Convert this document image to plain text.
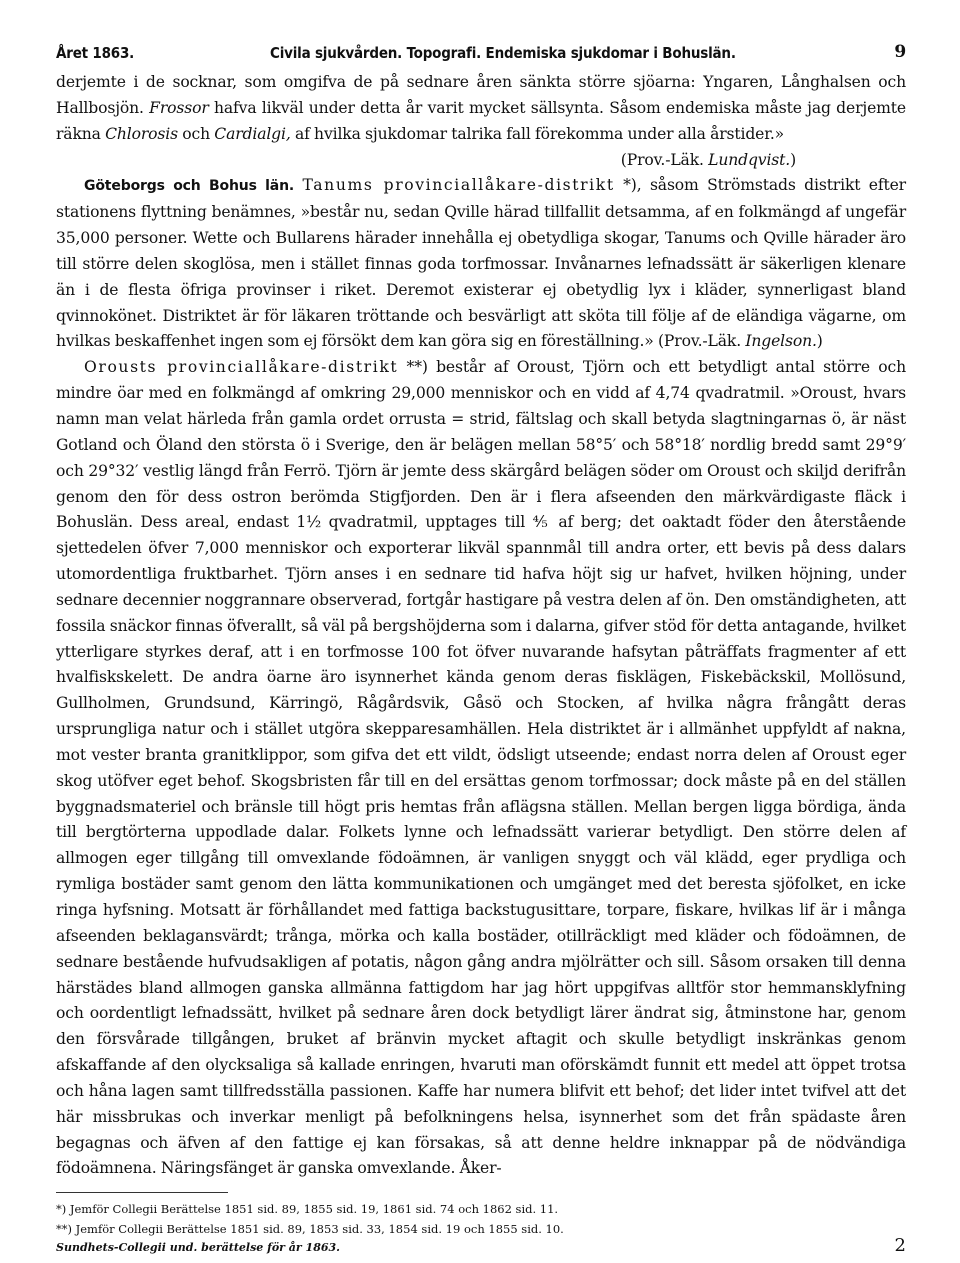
Året 1863.	Civila sjukvården. Topografi. Endemiska sjukdomar i Bohuslän.	9

derjemte i de socknar, som omgifva de på sednare åren sänkta större sjöarna: Yngaren, Långhalsen och Hallbosjön. Frossor hafva likväl under detta år varit mycket sällsynta. Såsom endemiska måste jag derjemte räkna Chlorosis och Cardialgi, af hvilka sjukdomar talrika fall förekomma under alla årstider.»

(Prov.-Läk. Lundqvist.)

Göteborgs och Bohus län. Tanums provinciallåkare-distrikt *), såsom Strömstads distrikt efter stationens flyttning benämnes, »består nu, sedan Qville härad tillfallit detsamma, af en folkmängd af ungefär 35,000 personer. Wette och Bullarens härader innehålla ej obetydliga skogar, Tanums och Qville härader äro till större delen skoglösa, men i stället finnas goda torfmossar. Invånarnes lefnadssätt är säkerligen klenare än i de flesta öfriga provinser i riket. Deremot existerar ej obetydlig lyx i kläder, synnerligast bland qvinnokönet. Distriktet är för läkaren tröttande och besvärligt att sköta till följe af de eländiga vägarne, om hvilkas beskaffenhet ingen som ej försökt dem kan göra sig en föreställning.» (Prov.-Läk. Ingelson.)

Orousts provinciallåkare-distrikt **) består af Oroust, Tjörn och ett betydligt antal större och mindre öar med en folkmängd af omkring 29,000 menniskor och en vidd af 4,74 qvadratmil. »Oroust, hvars namn man velat härleda från gamla ordet orrusta = strid, fältslag och skall betyda slagtningarnas ö, är näst Gotland och Öland den största ö i Sverige, den är belägen mellan 58°5′ och 58°18′ nordlig bredd samt 29°9′ och 29°32′ vestlig längd från Ferrö. Tjörn är jemte dess skärgård belägen söder om Oroust och skiljd derifrån genom den för dess ostron berömda Stigfjorden. Den är i flera afseenden den märkvärdigaste fläck i Bohuslän. Dess areal, endast 1½ qvadratmil, upptages till ⅘ af berg; det oaktadt föder den återstående sjettedelen öfver 7,000 menniskor och exporterar likväl spannmål till andra orter, ett bevis på dess dalars utomordentliga fruktbarhet. Tjörn anses i en sednare tid hafva höjt sig ur hafvet, hvilken höjning, under sednare decennier noggrannare observerad, fortgår hastigare på vestra delen af ön. Den omständigheten, att fossila snäckor finnas öfverallt, så väl på bergshöjderna som i dalarna, gifver stöd för detta antagande, hvilket ytterligare styrkes deraf, att i en torfmosse 100 fot öfver nuvarande hafsytan påträffats fragmenter af ett hvalfiskskelett. De andra öarne äro isynnerhet kända genom deras fisklägen, Fiskebäckskil, Mollösund, Gullholmen, Grundsund, Kärringö, Rågårdsvik, Gåsö och Stocken, af hvilka några frångått deras ursprungliga natur och i stället utgöra skepparesamhällen. Hela distriktet är i allmänhet uppfyldt af nakna, mot vester branta granitklippor, som gifva det ett vildt, ödsligt utseende; endast norra delen af Oroust eger skog utöfver eget behof. Skogsbristen får till en del ersättas genom torfmossar; dock måste på en del ställen byggnadsmateriel och bränsle till högt pris hemtas från aflägsna ställen. Mellan bergen ligga bördiga, ända till bergtörterna uppodlade dalar. Folkets lynne och lefnadssätt varierar betydligt. Den större delen af allmogen eger tillgång till omvexlande födoämnen, är vanligen snyggt och väl klädd, eger prydliga och rymliga bostäder samt genom den lätta kommunikationen och umgänget med det beresta sjöfolket, en icke ringa hyfsning. Motsatt är förhållandet med fattiga backstugusittare, torpare, fiskare, hvilkas lif är i många afseenden beklagansvärdt; trånga, mörka och kalla bostäder, otillräckligt med kläder och födoämnen, de sednare bestående hufvudsakligen af potatis, någon gång andra mjölrätter och sill. Såsom orsaken till denna härstädes bland allmogen ganska allmänna fattigdom har jag hört uppgifvas alltför stor hemmansklyfning och oordentligt lefnadssätt, hvilket på sednare åren dock betydligt lärer ändrat sig, åtminstone har, genom den försvårade tillgången, bruket af bränvin mycket aftagit och skulle betydligt inskränkas genom afskaffande af den olycksaliga så kallade enringen, hvaruti man oförskämdt funnit ett medel att öppet trotsa och håna lagen samt tillfredsställa passionen. Kaffe har numera blifvit ett behof; det lider intet tvifvel att det här missbrukas och inverkar menligt på befolkningens helsa, isynnerhet som det från spädaste åren begagnas och äfven af den fattige ej kan försakas, så att denne heldre inknappar på de nödvändiga födoämnena. Näringsfänget är ganska omvexlande. Åker-

*) Jemför Collegii Berättelse 1851 sid. 89, 1855 sid. 19, 1861 sid. 74 och 1862 sid. 11.

**) Jemför Collegii Berättelse 1851 sid. 89, 1853 sid. 33, 1854 sid. 19 och 1855 sid. 10.

Sundhets-Collegii und. berättelse för år 1863.	2
